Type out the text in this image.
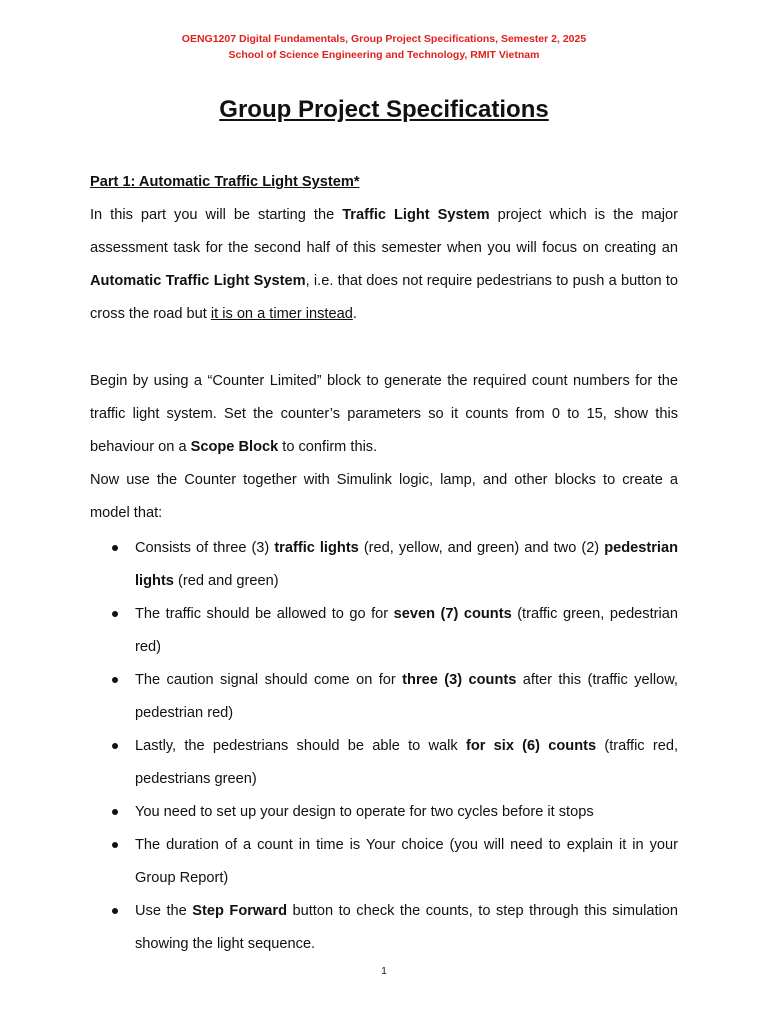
OENG1207 Digital Fundamentals, Group Project Specifications, Semester 2, 2025
School of Science Engineering and Technology, RMIT Vietnam
Group Project Specifications
Part 1: Automatic Traffic Light System*

In this part you will be starting the Traffic Light System project which is the major assessment task for the second half of this semester when you will focus on creating an Automatic Traffic Light System, i.e. that does not require pedestrians to push a button to cross the road but it is on a timer instead.

Begin by using a “Counter Limited” block to generate the required count numbers for the traffic light system. Set the counter’s parameters so it counts from 0 to 15, show this behaviour on a Scope Block to confirm this.

Now use the Counter together with Simulink logic, lamp, and other blocks to create a model that:

Consists of three (3) traffic lights (red, yellow, and green) and two (2) pedestrian lights (red and green)
The traffic should be allowed to go for seven (7) counts (traffic green, pedestrian red)
The caution signal should come on for three (3) counts after this (traffic yellow, pedestrian red)
Lastly, the pedestrians should be able to walk for six (6) counts (traffic red, pedestrians green)
You need to set up your design to operate for two cycles before it stops
The duration of a count in time is Your choice (you will need to explain it in your Group Report)
Use the Step Forward button to check the counts, to step through this simulation showing the light sequence.
1
